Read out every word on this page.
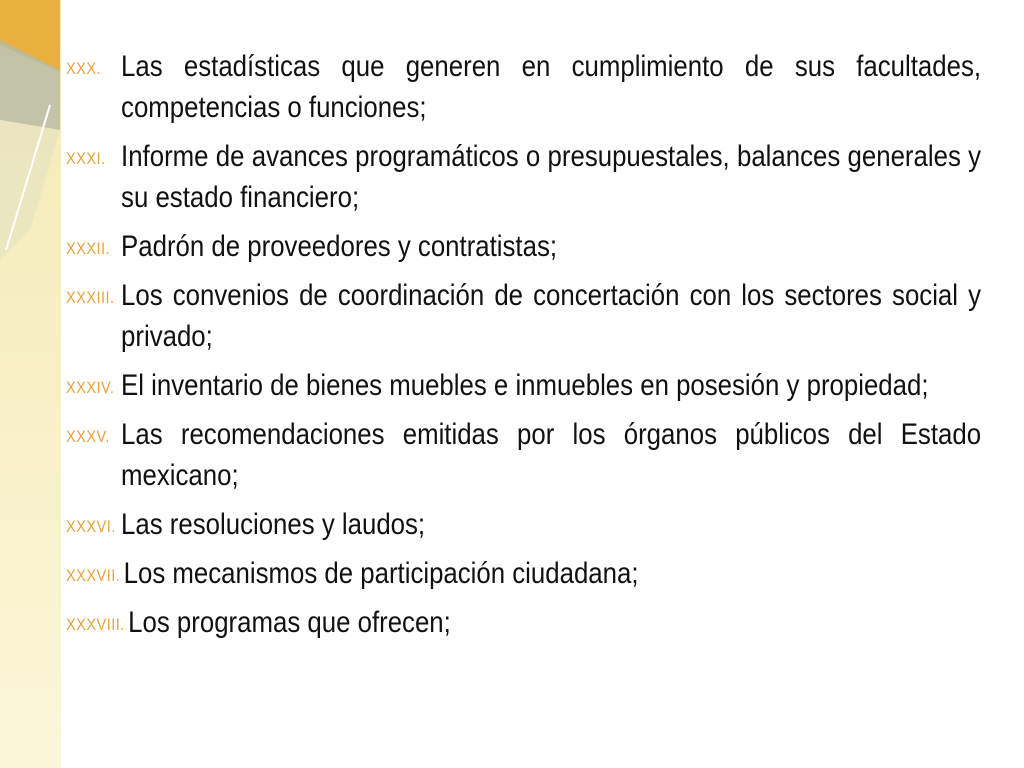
XXX. Las estadísticas que generen en cumplimiento de sus facultades, competencias o funciones;
XXXI. Informe de avances programáticos o presupuestales, balances generales y su estado financiero;
XXXII. Padrón de proveedores y contratistas;
XXXIII. Los convenios de coordinación de concertación con los sectores social y privado;
XXXIV. El inventario de bienes muebles e inmuebles en posesión y propiedad;
XXXV. Las recomendaciones emitidas por los órganos públicos del Estado mexicano;
XXXVI. Las resoluciones y laudos;
XXXVII. Los mecanismos de participación ciudadana;
XXXVIII. Los programas que ofrecen;
